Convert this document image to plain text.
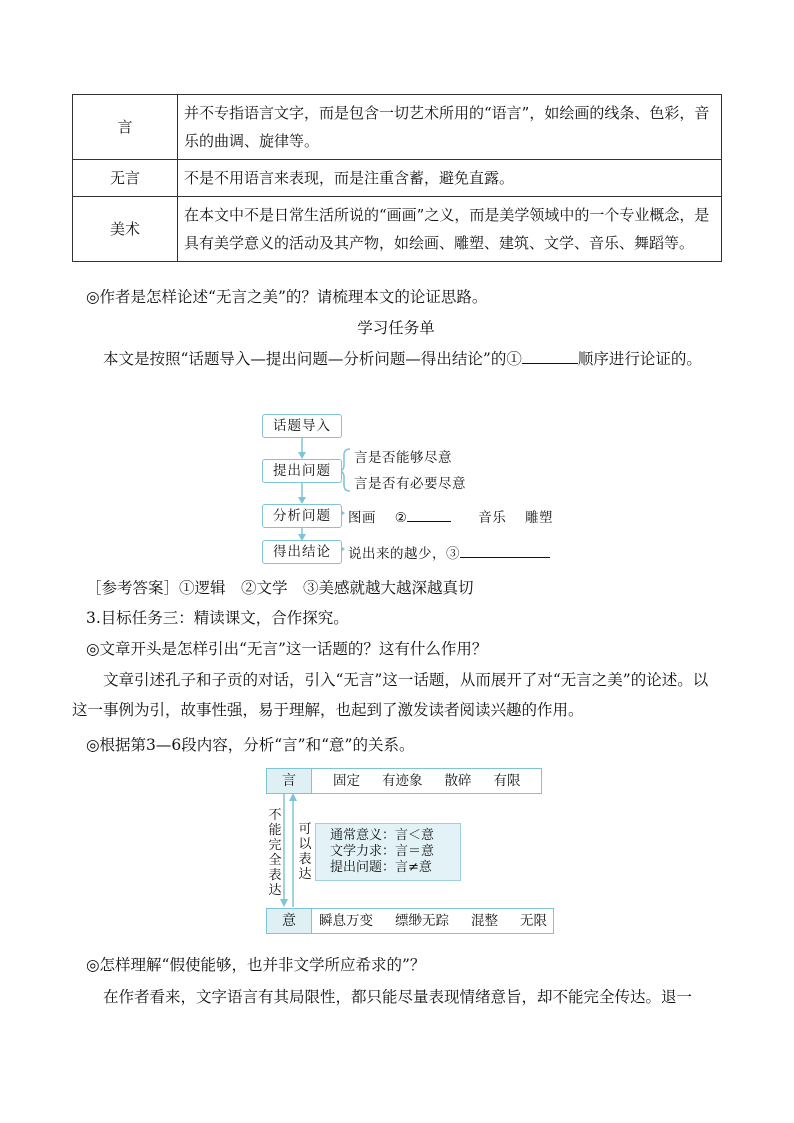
言	并不专指语言文字，而是包含一切艺术所用的“语言”，如绘画的线条、色彩，音乐的曲调、旋律等。
无言	不是不用语言来表现，而是注重含蓄，避免直露。
美术	在本文中不是日常生活所说的“画画”之义，而是美学领域中的一个专业概念，是具有美学意义的活动及其产物，如绘画、雕塑、建筑、文学、音乐、舞蹈等。
◎作者是怎样论述“无言之美”的？请梳理本文的论证思路。
学习任务单
本文是按照“话题导入—提出问题—分析问题—得出结论”的①	顺序进行论证的。
话题导入
提出问题
分析问题
得出结论
言是否能够尽意
言是否有必要尽意
图画 ②	音乐 雕塑
说出来的越少，③
［参考答案］①逻辑　②文学　③美感就越大越深越真切
3.目标任务三：精读课文，合作探究。
◎文章开头是怎样引出“无言”这一话题的？这有什么作用？
文章引述孔子和子贡的对话，引入“无言”这一话题，从而展开了对“无言之美”的论述。以这一事例为引，故事性强，易于理解，也起到了激发读者阅读兴趣的作用。
◎根据第3—6段内容，分析“言”和“意”的关系。
言	固定 有迹象 散碎 有限
不能完全表达
可以表达
通常意义：言＜意
文学力求：言＝意
提出问题：言≠意
意	瞬息万变 缥缈无踪 混整 无限
◎怎样理解“假使能够，也并非文学所应希求的”？
在作者看来，文字语言有其局限性，都只能尽量表现情绪意旨，却不能完全传达。退一
